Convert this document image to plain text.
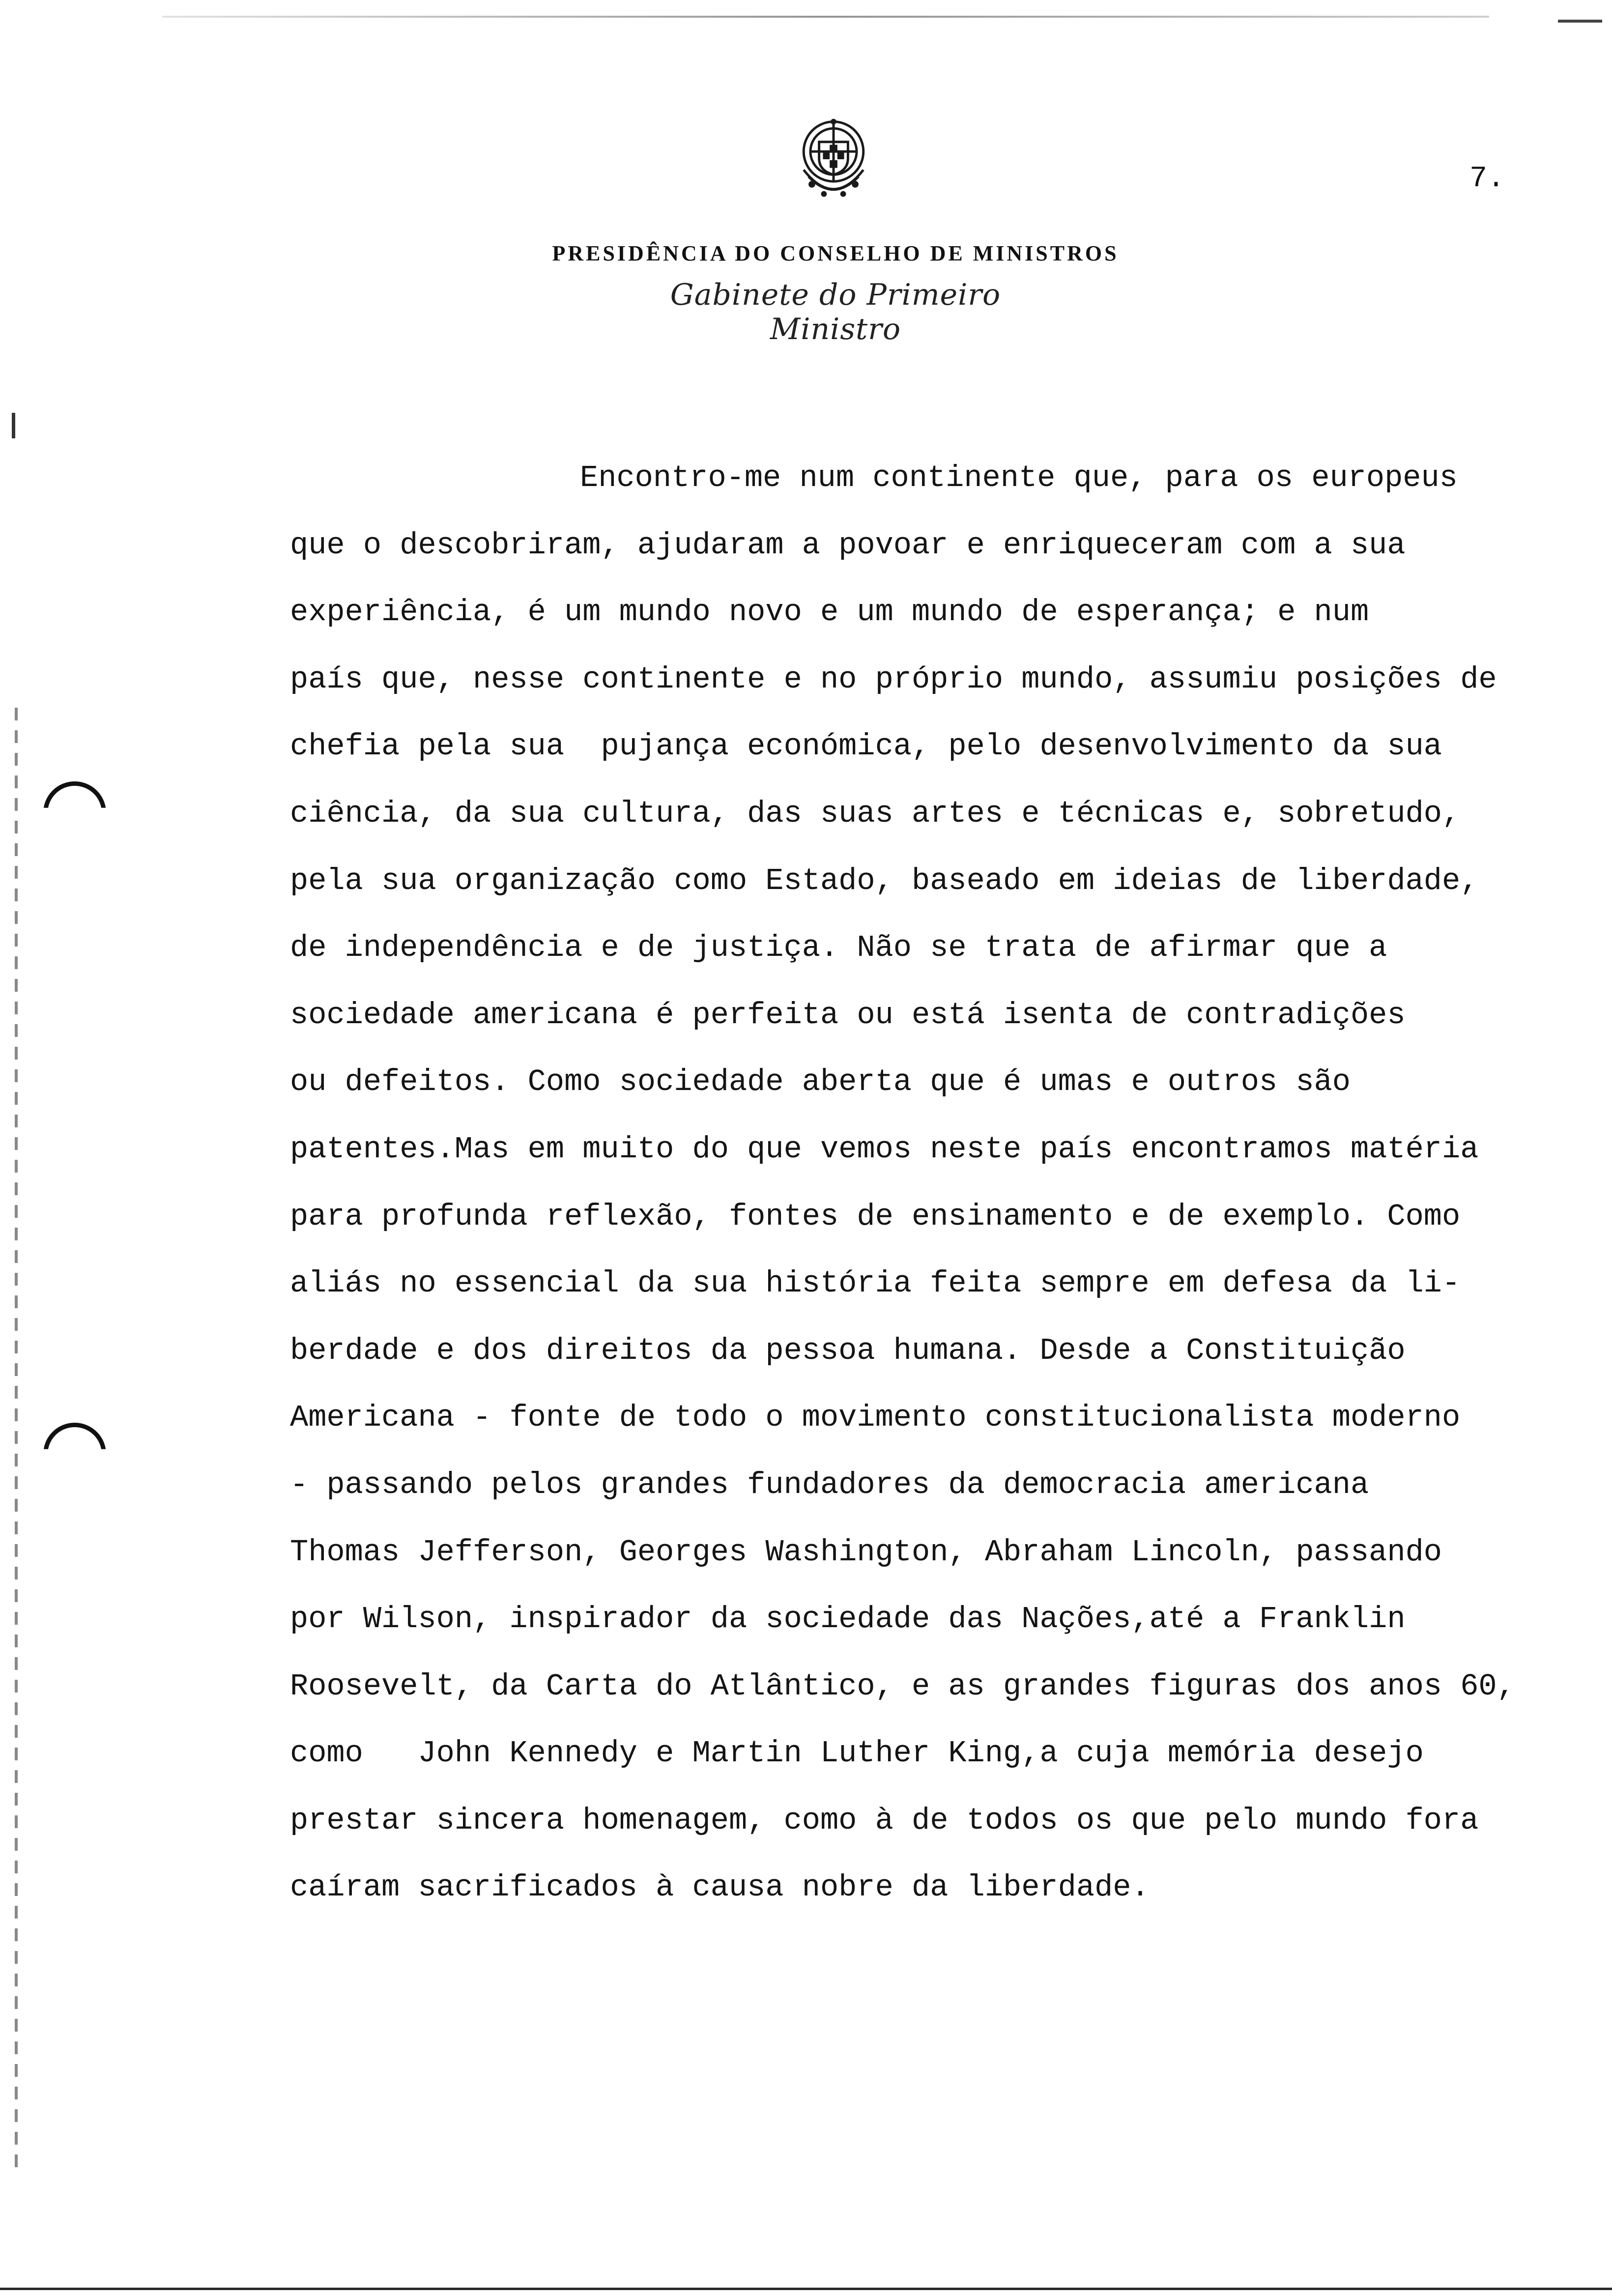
7.
PRESIDÊNCIA DO CONSELHO DE MINISTROS
Gabinete do Primeiro Ministro
Encontro-me num continente que, para os europeus
que o descobriram, ajudaram a povoar e enriqueceram com a sua
experiência, é um mundo novo e um mundo de esperança; e num
país que, nesse continente e no próprio mundo, assumiu posições de
chefia pela sua  pujança económica, pelo desenvolvimento da sua
ciência, da sua cultura, das suas artes e técnicas e, sobretudo,
pela sua organização como Estado, baseado em ideias de liberdade,
de independência e de justiça. Não se trata de afirmar que a
sociedade americana é perfeita ou está isenta de contradições
ou defeitos. Como sociedade aberta que é umas e outros são
patentes.Mas em muito do que vemos neste país encontramos matéria
para profunda reflexão, fontes de ensinamento e de exemplo. Como
aliás no essencial da sua história feita sempre em defesa da li-
berdade e dos direitos da pessoa humana. Desde a Constituição
Americana - fonte de todo o movimento constitucionalista moderno
- passando pelos grandes fundadores da democracia americana
Thomas Jefferson, Georges Washington, Abraham Lincoln, passando
por Wilson, inspirador da sociedade das Nações,até a Franklin
Roosevelt, da Carta do Atlântico, e as grandes figuras dos anos 60,
como   John Kennedy e Martin Luther King,a cuja memória desejo
prestar sincera homenagem, como à de todos os que pelo mundo fora
caíram sacrificados à causa nobre da liberdade.
